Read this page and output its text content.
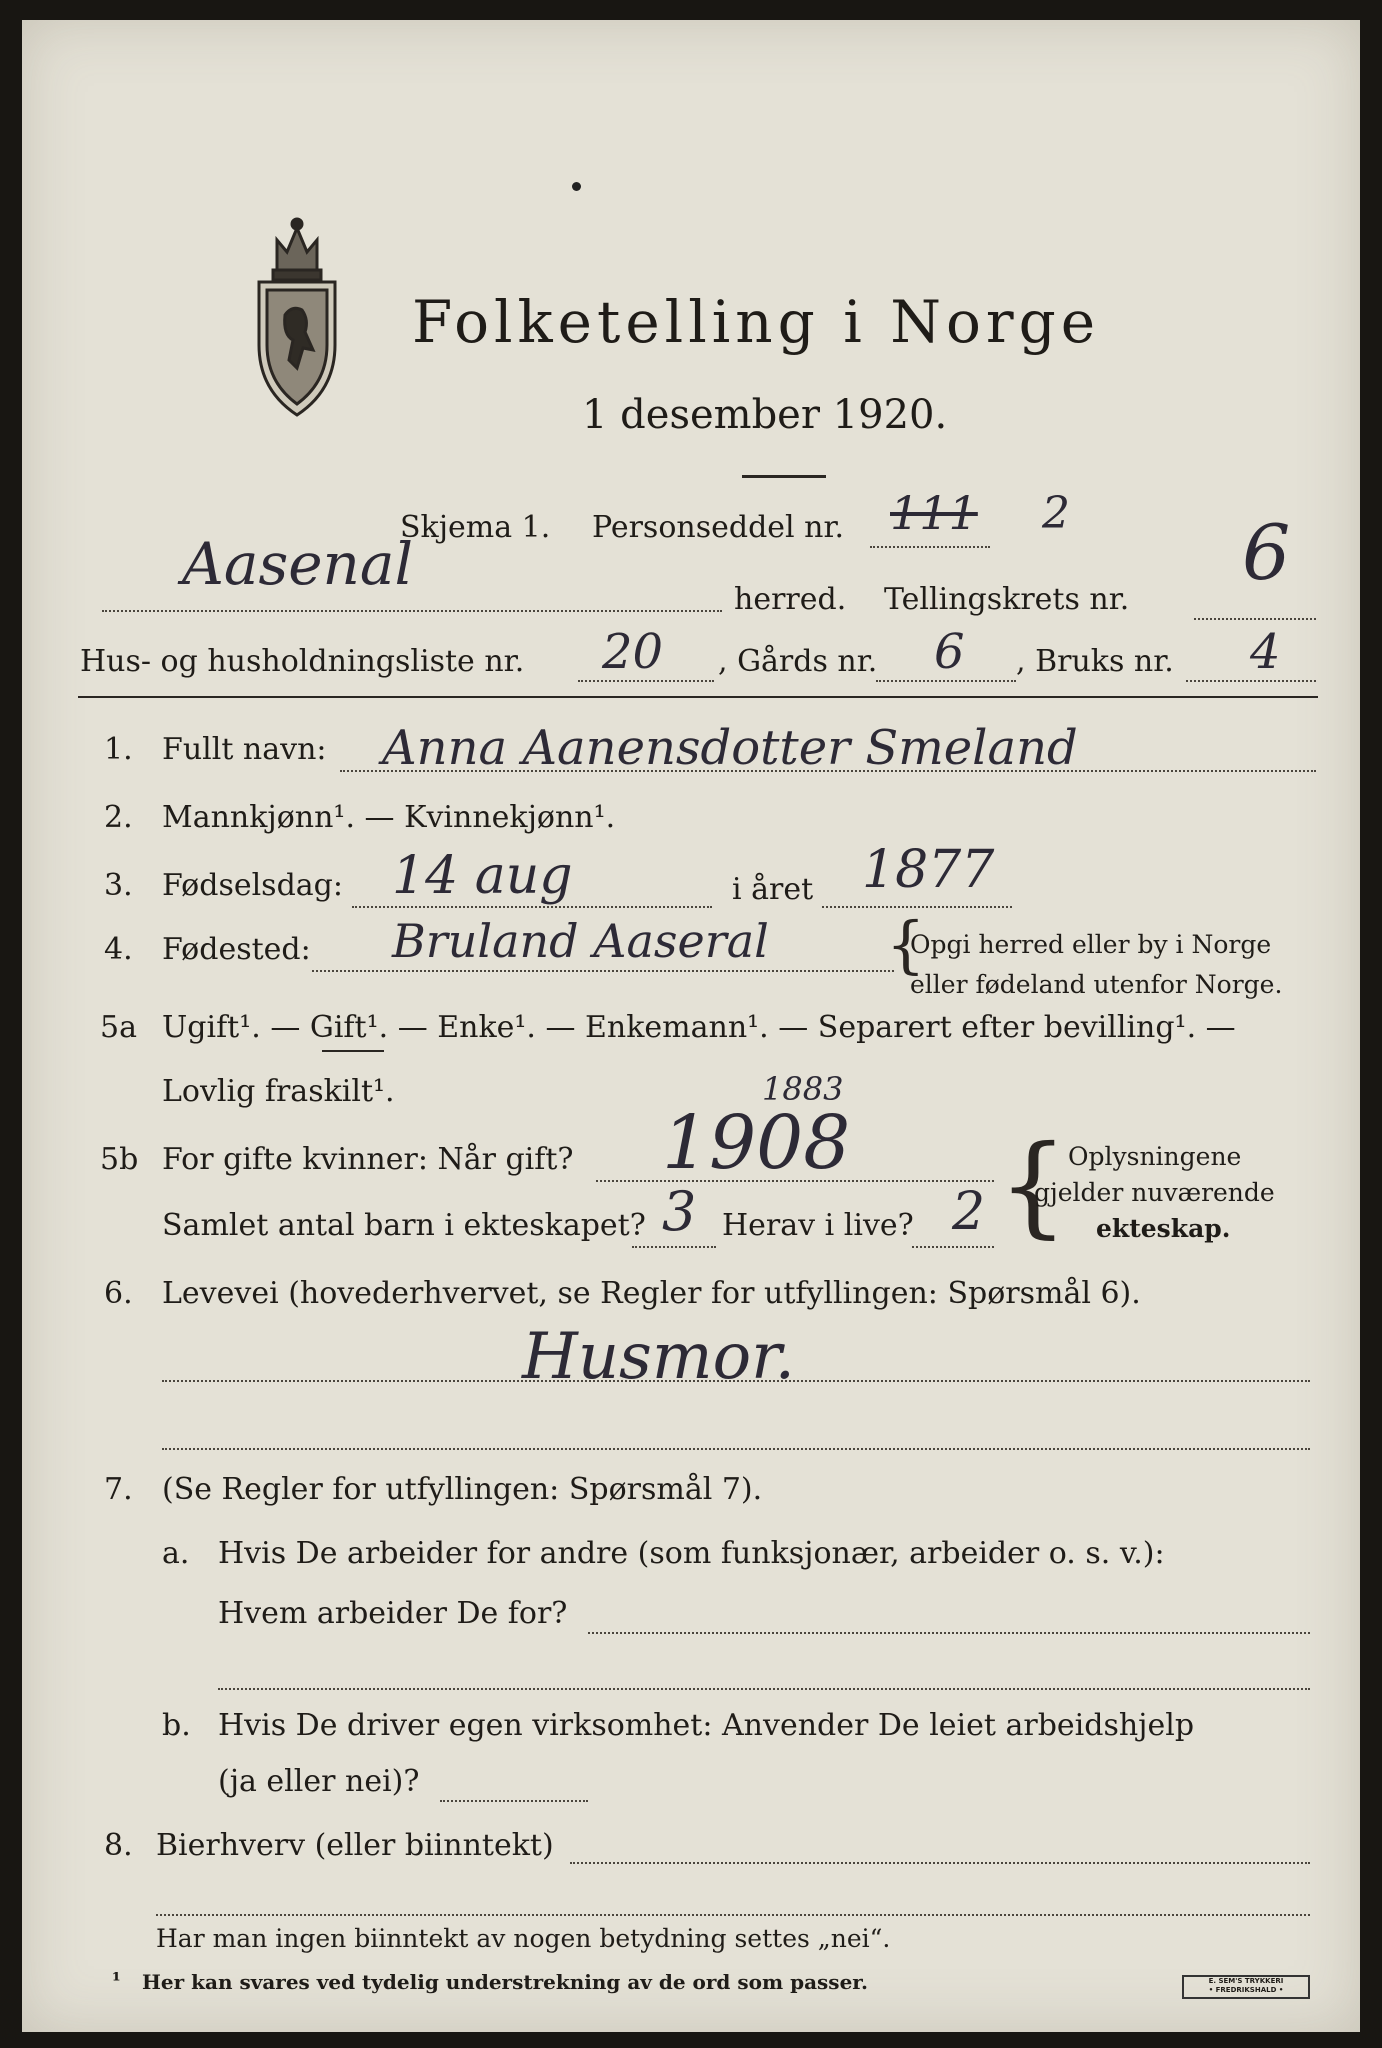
Folketelling i Norge
1 desember 1920.
Skjema 1. Personseddel nr. 111 2
Aasenal
herred. Tellingskrets nr.
6
Hus- og husholdningsliste nr. 20 , Gårds nr. 6 , Bruks nr. 4
1. Fullt navn: Anna Aanensdotter Smeland
2. Mannkjønn¹. — Kvinnekjønn¹.
3. Fødselsdag: 14 aug	i året 1877
4. Fødested: Bruland Aaseral {
Opgi herred eller by i Norge
eller fødeland utenfor Norge.
5a Ugift¹. — Gift¹. — Enke¹. — Enkemann¹. — Separert efter bevilling¹. —
Lovlig fraskilt¹.
5b For gifte kvinner: Når gift?
1883
1908
Samlet antal barn i ekteskapet? 3 Herav i live? 2 { Oplysningene
gjelder nuværende
ekteskap.
6. Levevei (hovederhvervet, se Regler for utfyllingen: Spørsmål 6).
Husmor.
7. (Se Regler for utfyllingen: Spørsmål 7).
a. Hvis De arbeider for andre (som funksjonær, arbeider o. s. v.):
Hvem arbeider De for?
b. Hvis De driver egen virksomhet: Anvender De leiet arbeidshjelp
(ja eller nei)?
8. Bierhverv (eller biinntekt)
Har man ingen biinntekt av nogen betydning settes „nei“.
¹ Her kan svares ved tydelig understrekning av de ord som passer.	E. SEM'S TRYKKERI
• FREDRIKSHALD •
